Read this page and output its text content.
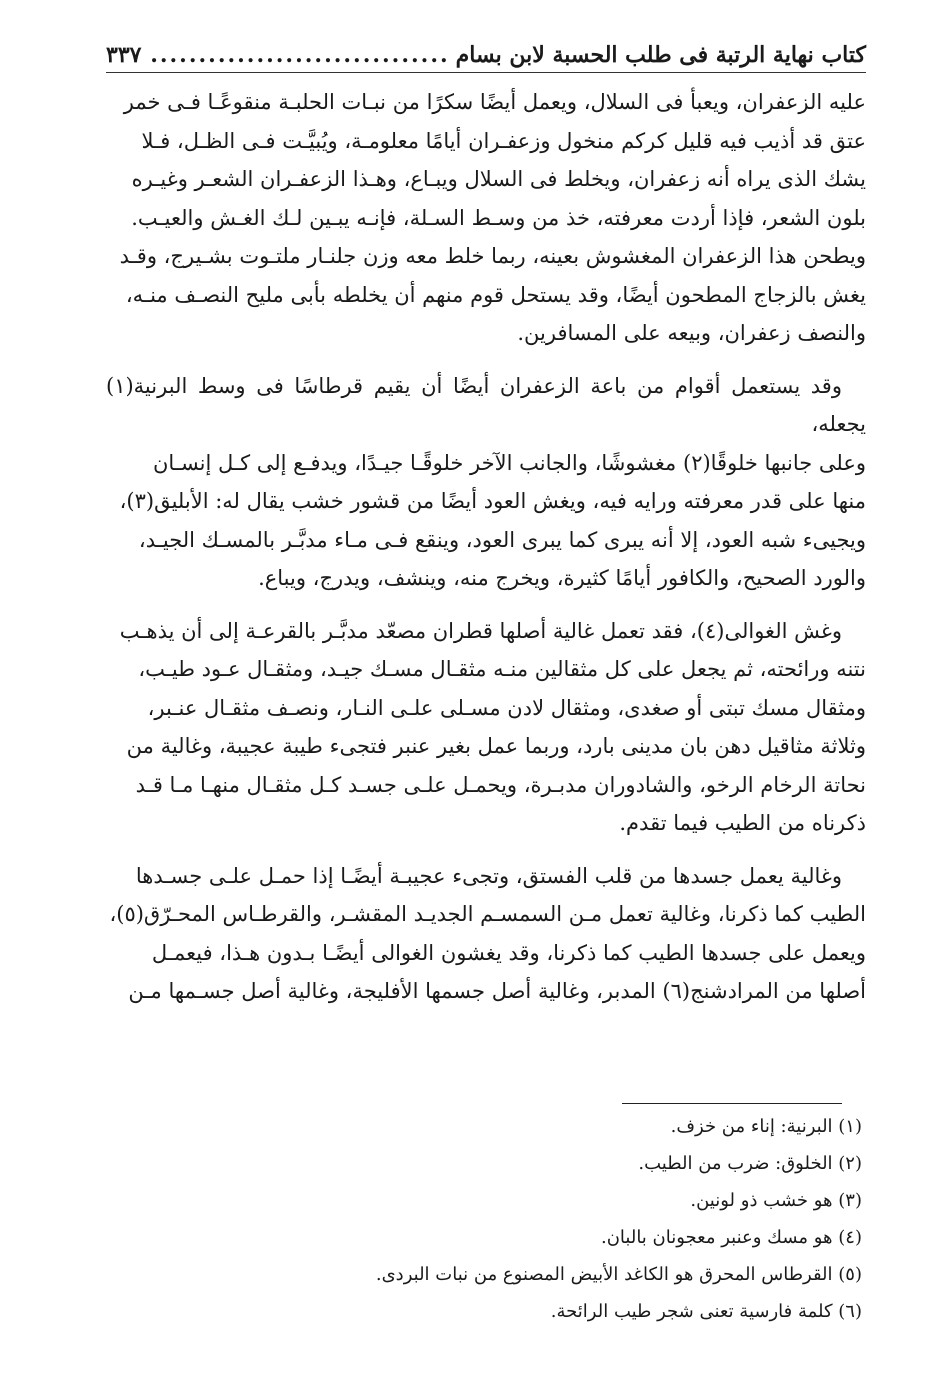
كتاب نهاية الرتبة فى طلب الحسبة لابن بسام
...............................
٣٣٧

عليه الزعفران، ويعبأ فى السلال، ويعمل أيضًا سكرًا من نبـات الحلبـة منقوعًـا فـى خمر

عتق قد أذيب فيه قليل كركم منخول وزعفـران أيامًا معلومـة، ويُبيَّـت فـى الظـل، فـلا

يشك الذى يراه أنه زعفران، ويخلط فى السلال ويبـاع، وهـذا الزعفـران الشعـر وغيـره

بلون الشعر، فإذا أردت معرفته، خذ من وسـط السـلة، فإنـه يبـين لـك الغـش والعيـب.

ويطحن هذا الزعفران المغشوش بعينه، ربما خلط معه وزن جلنـار ملتـوت بشـيرج، وقـد

يغش بالزجاج المطحون أيضًا، وقد يستحل قوم منهم أن يخلطه بأبى مليح النصـف منـه،

والنصف زعفران، وبيعه على المسافرين.

وقد يستعمل أقوام من باعة الزعفران أيضًا أن يقيم قرطاسًا فى وسط البرنية(١) يجعله،

وعلى جانبها خلوقًا(٢) مغشوشًا، والجانب الآخر خلوقًـا جيـدًا، ويدفـع إلى كـل إنسـان

منها على قدر معرفته ورايه فيه، ويغش العود أيضًا من قشور خشب يقال له: الأبليق(٣)،

ويجيىء شبه العود، إلا أنه يبرى كما يبرى العود، وينقع فـى مـاء مدبَّـر بالمسـك الجيـد،

والورد الصحيح، والكافور أيامًا كثيرة، ويخرج منه، وينشف، ويدرج، ويباع.

وغش الغوالى(٤)، فقد تعمل غالية أصلها قطران مصعّد مدبَّـر بالقرعـة إلى أن يذهـب

نتنه ورائحته، ثم يجعل على كل مثقالين منـه مثقـال مسـك جيـد، ومثقـال عـود طيـب،

ومثقال مسك تبتى أو صغدى، ومثقال لادن مسـلى علـى النـار، ونصـف مثقـال عنـبر،

وثلاثة مثاقيل دهن بان مدينى بارد، وربما عمل بغير عنبر فتجىء طيبة عجيبة، وغالية من

نحاتة الرخام الرخو، والشادوران مدبـرة، ويحمـل علـى جسـد كـل مثقـال منهـا مـا قـد

ذكرناه من الطيب فيما تقدم.

وغالية يعمل جسدها من قلب الفستق، وتجىء عجيبـة أيضًـا إذا حمـل علـى جسـدها

الطيب كما ذكرنا، وغالية تعمل مـن السمسـم الجديـد المقشـر، والقرطـاس المحـرّق(٥)،

ويعمل على جسدها الطيب كما ذكرنا، وقد يغشون الغوالى أيضًـا بـدون هـذا، فيعمـل

أصلها من المرادشنج(٦) المدبر، وغالية أصل جسمها الأفليجة، وغالية أصل جسـمها مـن

(١) البرنية: إناء من خزف.
(٢) الخلوق: ضرب من الطيب.
(٣) هو خشب ذو لونين.
(٤) هو مسك وعنبر معجونان بالبان.
(٥) القرطاس المحرق هو الكاغد الأبيض المصنوع من نبات البردى.
(٦) كلمة فارسية تعنى شجر طيب الرائحة.
